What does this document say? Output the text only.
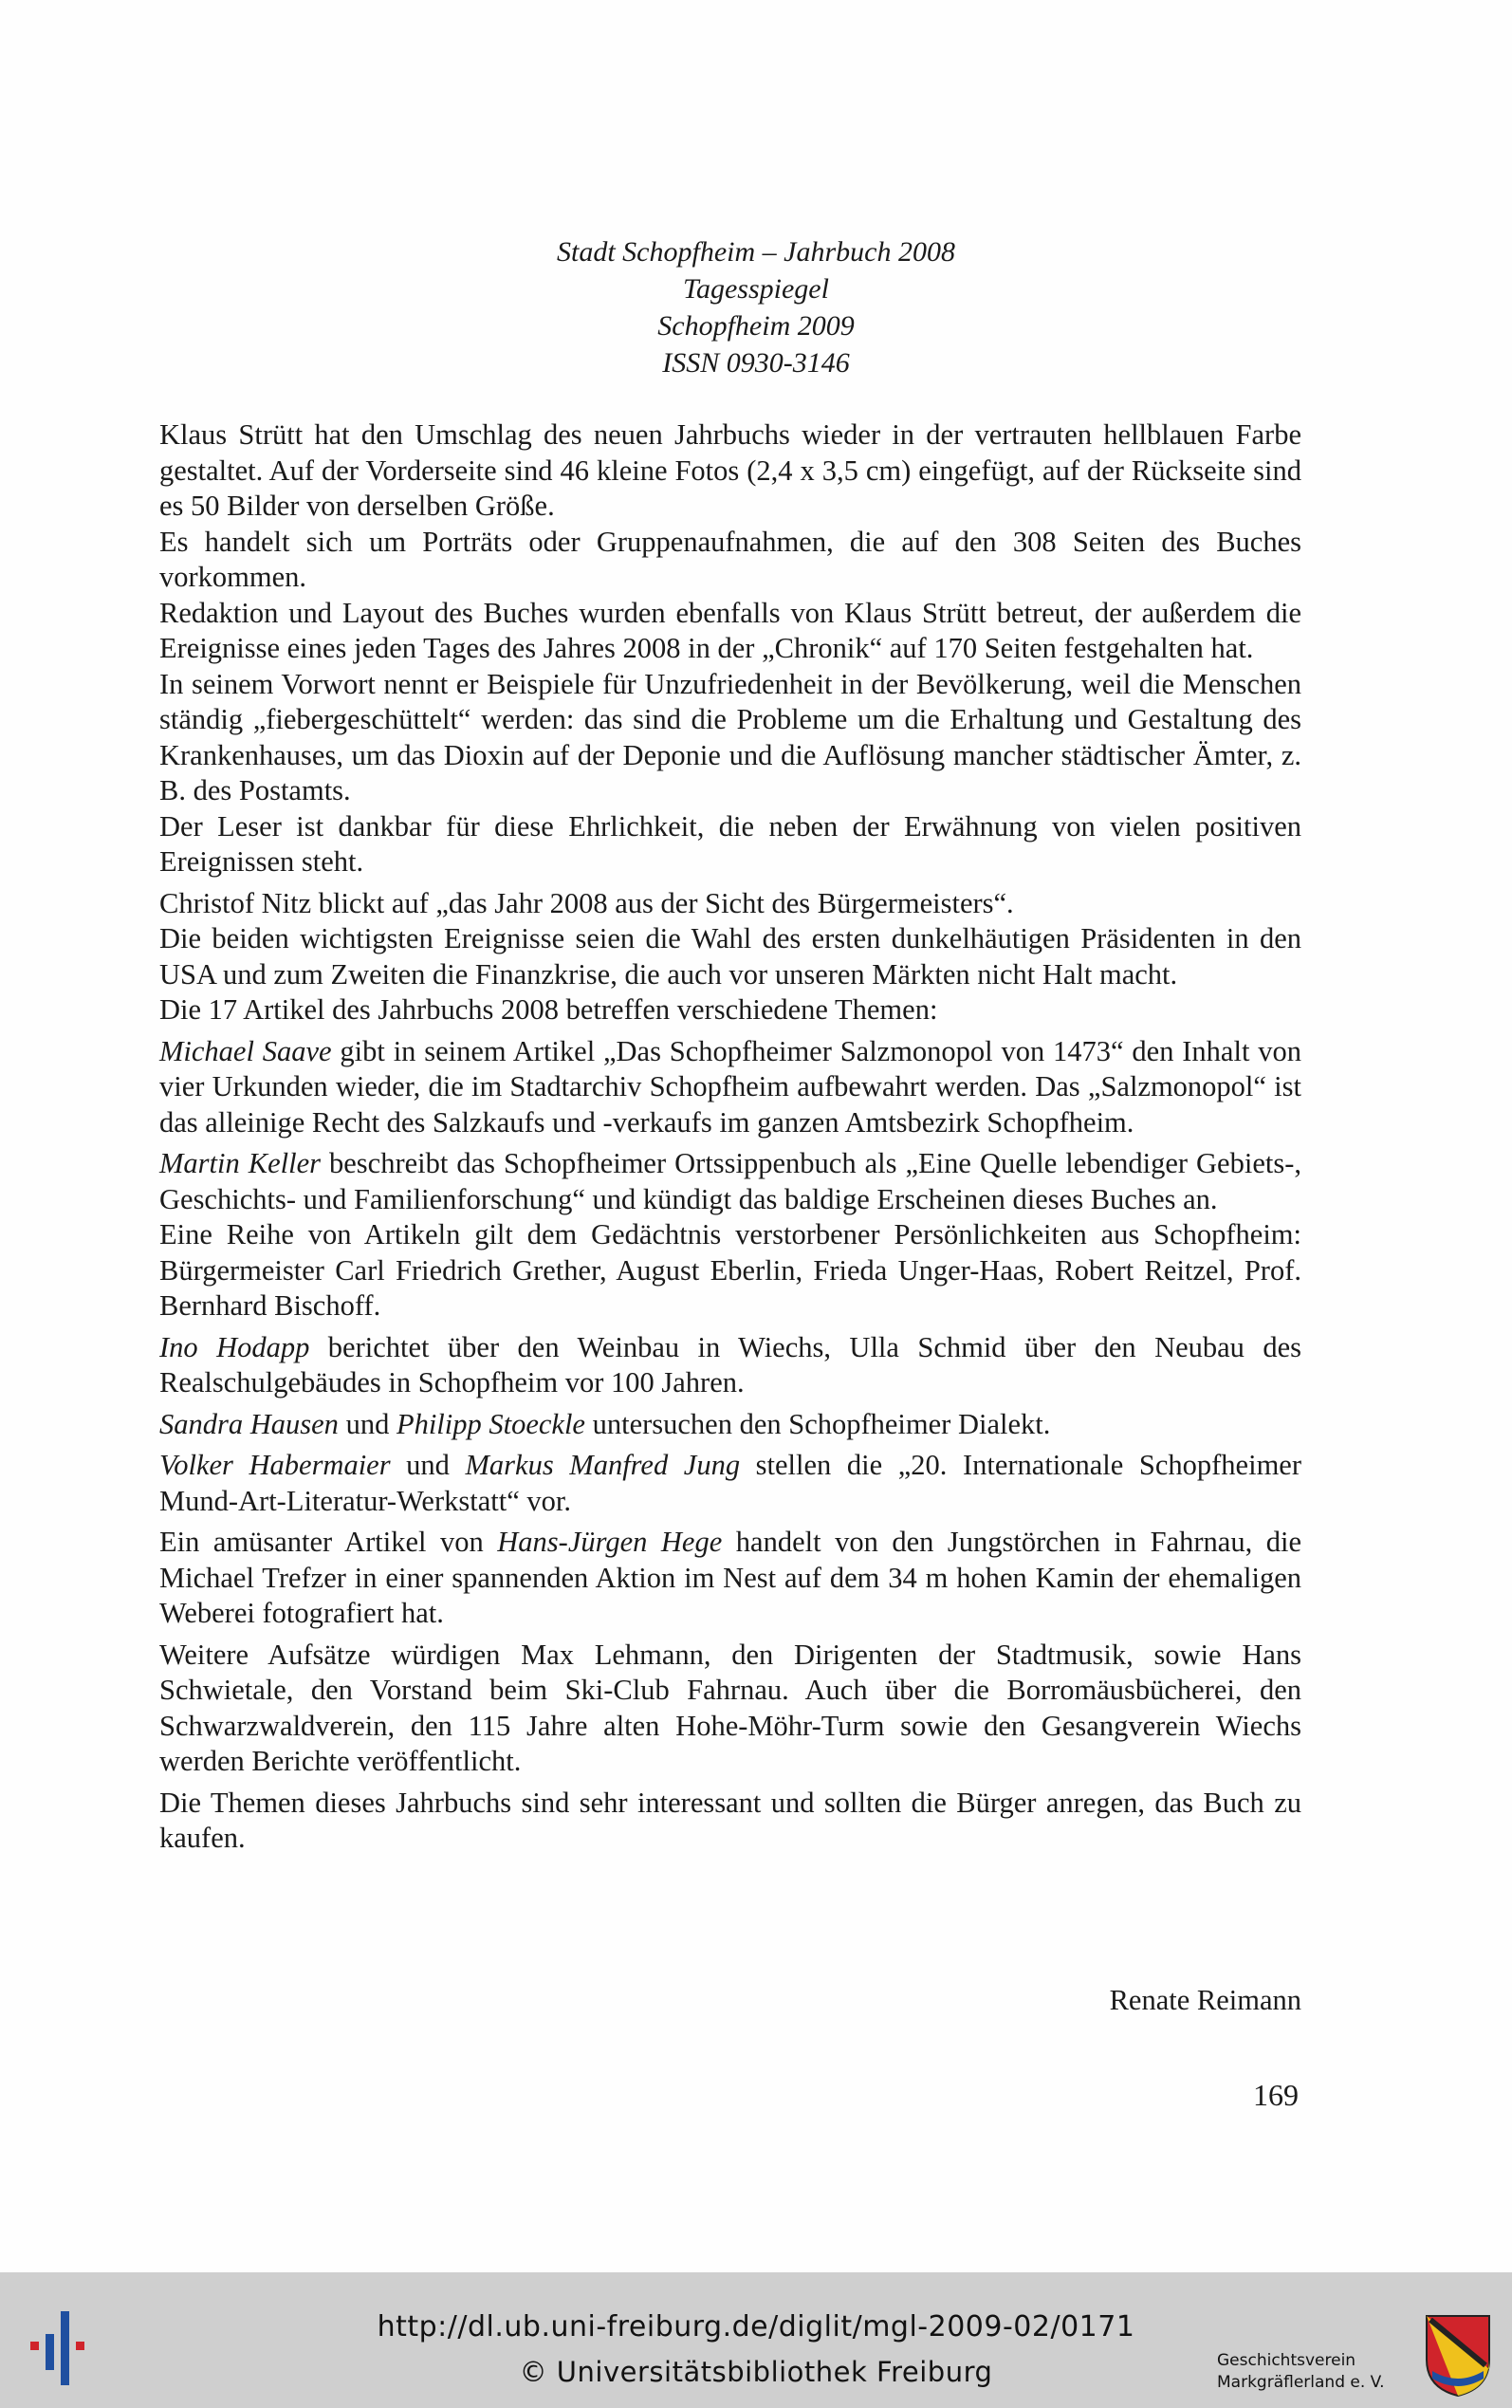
Stadt Schopfheim – Jahrbuch 2008
Tagesspiegel
Schopfheim 2009
ISSN 0930-3146

Klaus Strütt hat den Umschlag des neuen Jahrbuchs wieder in der vertrauten hellblauen Farbe gestaltet. Auf der Vorderseite sind 46 kleine Fotos (2,4 x 3,5 cm) eingefügt, auf der Rückseite sind es 50 Bilder von derselben Größe.

Es handelt sich um Porträts oder Gruppenaufnahmen, die auf den 308 Seiten des Buches vorkommen.

Redaktion und Layout des Buches wurden ebenfalls von Klaus Strütt betreut, der außerdem die Ereignisse eines jeden Tages des Jahres 2008 in der „Chronik“ auf 170 Seiten festgehalten hat.

In seinem Vorwort nennt er Beispiele für Unzufriedenheit in der Bevölkerung, weil die Menschen ständig „fiebergeschüttelt“ werden: das sind die Probleme um die Erhaltung und Gestaltung des Krankenhauses, um das Dioxin auf der Deponie und die Auflösung mancher städtischer Ämter, z. B. des Postamts.

Der Leser ist dankbar für diese Ehrlichkeit, die neben der Erwähnung von vielen positiven Ereignissen steht.

Christof Nitz blickt auf „das Jahr 2008 aus der Sicht des Bürgermeisters“.

Die beiden wichtigsten Ereignisse seien die Wahl des ersten dunkelhäutigen Präsidenten in den USA und zum Zweiten die Finanzkrise, die auch vor unseren Märkten nicht Halt macht.

Die 17 Artikel des Jahrbuchs 2008 betreffen verschiedene Themen:

Michael Saave gibt in seinem Artikel „Das Schopfheimer Salzmonopol von 1473“ den Inhalt von vier Urkunden wieder, die im Stadtarchiv Schopfheim aufbewahrt werden. Das „Salzmonopol“ ist das alleinige Recht des Salzkaufs und -verkaufs im ganzen Amtsbezirk Schopfheim.

Martin Keller beschreibt das Schopfheimer Ortssippenbuch als „Eine Quelle lebendiger Gebiets-, Geschichts- und Familienforschung“ und kündigt das baldige Erscheinen dieses Buches an.

Eine Reihe von Artikeln gilt dem Gedächtnis verstorbener Persönlichkeiten aus Schopfheim: Bürgermeister Carl Friedrich Grether, August Eberlin, Frieda Unger-Haas, Robert Reitzel, Prof. Bernhard Bischoff.

Ino Hodapp berichtet über den Weinbau in Wiechs, Ulla Schmid über den Neubau des Realschulgebäudes in Schopfheim vor 100 Jahren.

Sandra Hausen und Philipp Stoeckle untersuchen den Schopfheimer Dialekt.

Volker Habermaier und Markus Manfred Jung stellen die „20. Internationale Schopfheimer Mund-Art-Literatur-Werkstatt“ vor.

Ein amüsanter Artikel von Hans-Jürgen Hege handelt von den Jungstörchen in Fahrnau, die Michael Trefzer in einer spannenden Aktion im Nest auf dem 34 m hohen Kamin der ehemaligen Weberei fotografiert hat.

Weitere Aufsätze würdigen Max Lehmann, den Dirigenten der Stadtmusik, sowie Hans Schwietale, den Vorstand beim Ski-Club Fahrnau. Auch über die Borromäusbücherei, den Schwarzwaldverein, den 115 Jahre alten Hohe-Möhr-Turm sowie den Gesangverein Wiechs werden Berichte veröffentlicht.

Die Themen dieses Jahrbuchs sind sehr interessant und sollten die Bürger anregen, das Buch zu kaufen.

Renate Reimann
169
http://dl.ub.uni-freiburg.de/diglit/mgl-2009-02/0171
© Universitätsbibliothek Freiburg	Geschichtsverein
Markgräflerland e. V.
